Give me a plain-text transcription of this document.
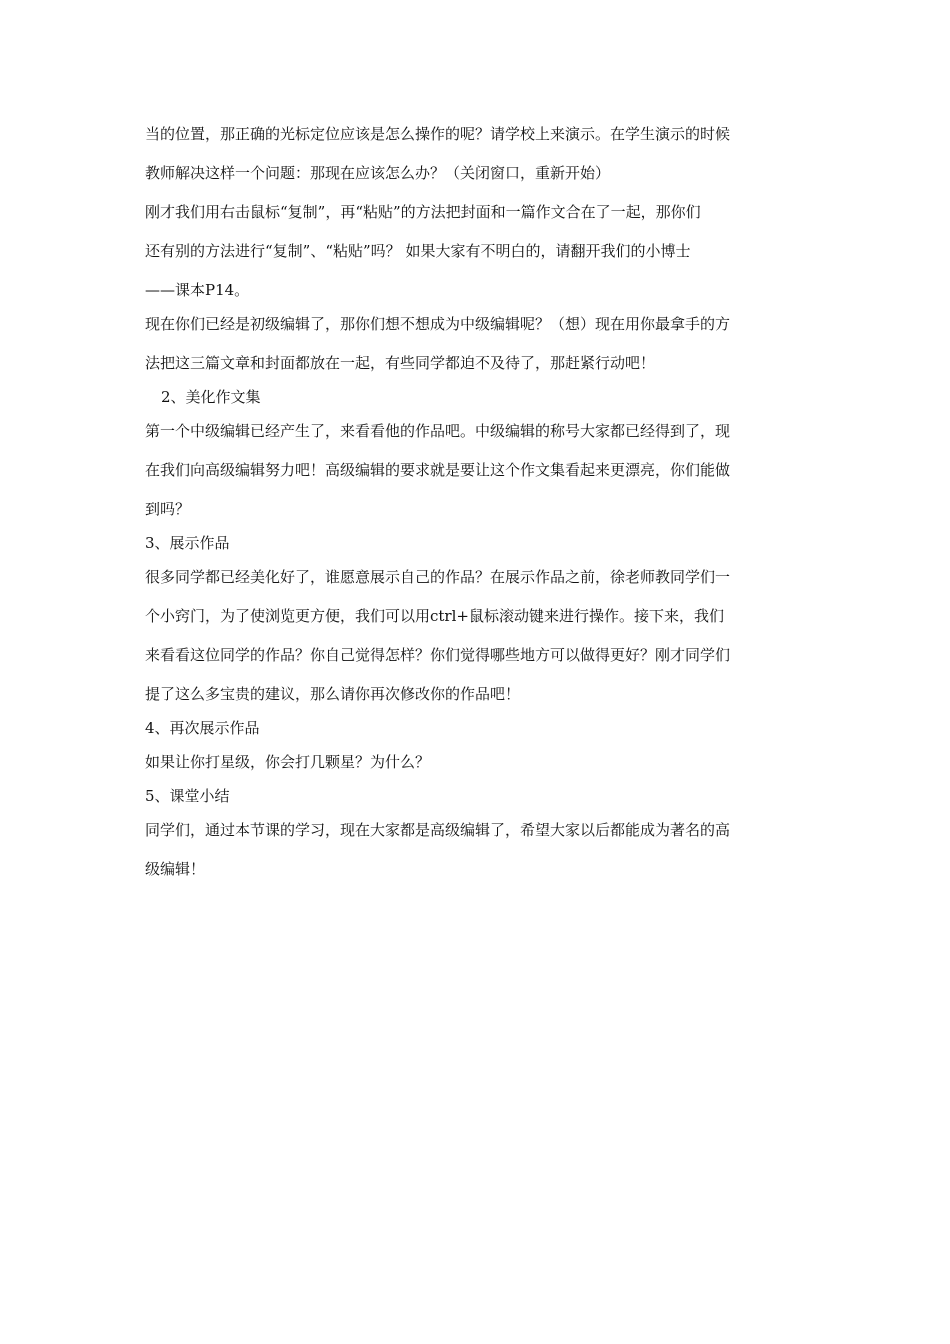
当的位置，那正确的光标定位应该是怎么操作的呢？请学校上来演示。在学生演示的时候
教师解决这样一个问题：那现在应该怎么办？（关闭窗口，重新开始）
刚才我们用右击鼠标“复制”，再“粘贴”的方法把封面和一篇作文合在了一起，那你们
还有别的方法进行“复制”、“粘贴”吗？ 如果大家有不明白的，请翻开我们的小博士
——课本P14。
现在你们已经是初级编辑了，那你们想不想成为中级编辑呢？（想）现在用你最拿手的方
法把这三篇文章和封面都放在一起，有些同学都迫不及待了，那赶紧行动吧！
2、美化作文集
第一个中级编辑已经产生了，来看看他的作品吧。中级编辑的称号大家都已经得到了，现
在我们向高级编辑努力吧！高级编辑的要求就是要让这个作文集看起来更漂亮，你们能做
到吗？
3、展示作品
很多同学都已经美化好了，谁愿意展示自己的作品？在展示作品之前，徐老师教同学们一
个小窍门，为了使浏览更方便，我们可以用ctrl+鼠标滚动键来进行操作。接下来，我们
来看看这位同学的作品？你自己觉得怎样？你们觉得哪些地方可以做得更好？刚才同学们
提了这么多宝贵的建议，那么请你再次修改你的作品吧！
4、再次展示作品
如果让你打星级，你会打几颗星？为什么？
5、课堂小结
同学们，通过本节课的学习，现在大家都是高级编辑了，希望大家以后都能成为著名的高
级编辑！
